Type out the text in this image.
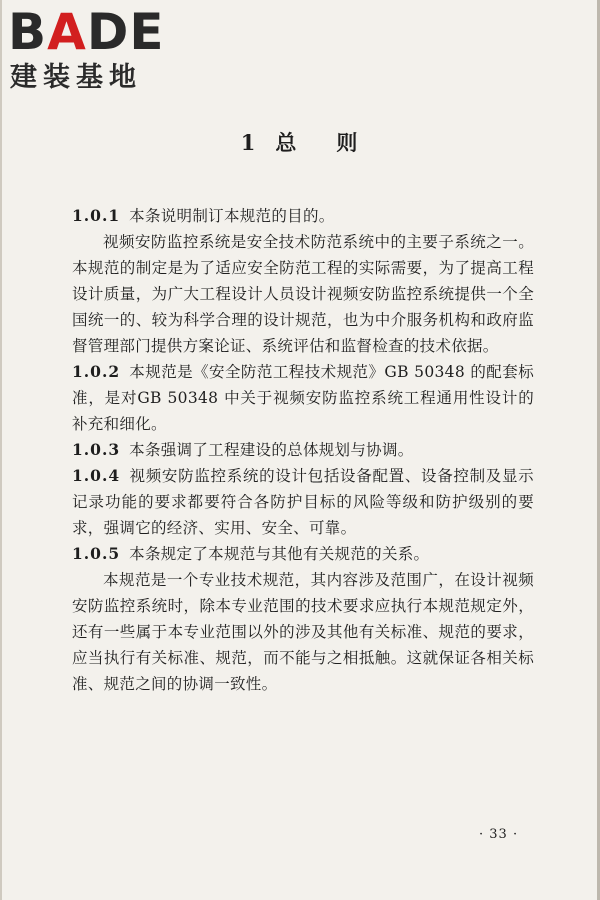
BADE
建装基地
1 总 则

1.0.1 本条说明制订本规范的目的。

视频安防监控系统是安全技术防范系统中的主要子系统之一。本规范的制定是为了适应安全防范工程的实际需要，为了提高工程设计质量，为广大工程设计人员设计视频安防监控系统提供一个全国统一的、较为科学合理的设计规范，也为中介服务机构和政府监督管理部门提供方案论证、系统评估和监督检查的技术依据。

1.0.2 本规范是《安全防范工程技术规范》GB 50348 的配套标准，是对GB 50348 中关于视频安防监控系统工程通用性设计的补充和细化。

1.0.3 本条强调了工程建设的总体规划与协调。

1.0.4 视频安防监控系统的设计包括设备配置、设备控制及显示记录功能的要求都要符合各防护目标的风险等级和防护级别的要求，强调它的经济、实用、安全、可靠。

1.0.5 本条规定了本规范与其他有关规范的关系。

本规范是一个专业技术规范，其内容涉及范围广，在设计视频安防监控系统时，除本专业范围的技术要求应执行本规范规定外，还有一些属于本专业范围以外的涉及其他有关标准、规范的要求，应当执行有关标准、规范，而不能与之相抵触。这就保证各相关标准、规范之间的协调一致性。

· 33 ·
